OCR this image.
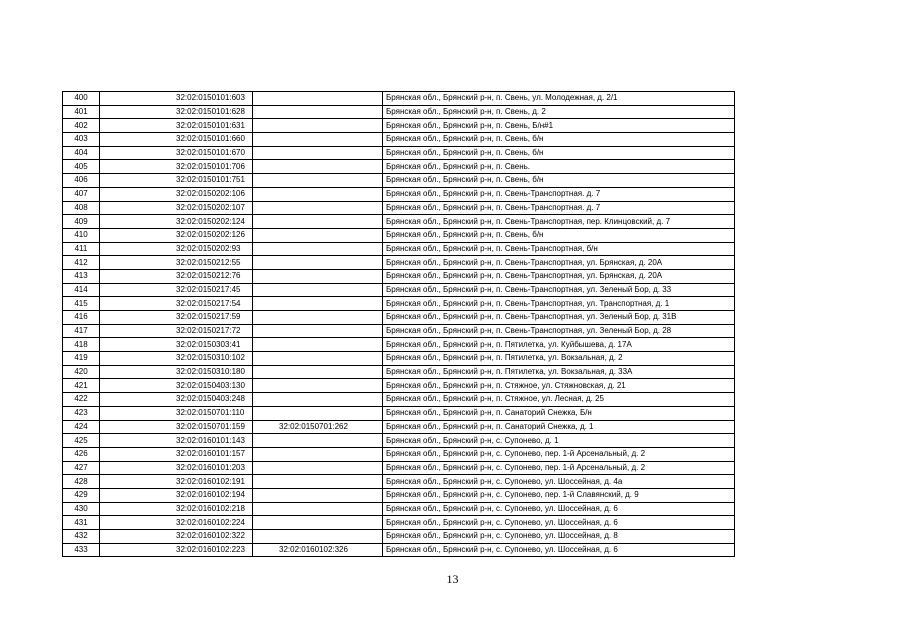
400	32:02:0150101:603		Брянская обл., Брянский р-н, п. Свень, ул. Молодежная, д. 2/1
401	32:02:0150101:628		Брянская обл., Брянский р-н, п. Свень, д. 2
402	32:02:0150101:631		Брянская обл., Брянский р-н, п. Свень, Б/н#1
403	32:02:0150101:660		Брянская обл., Брянский р-н, п. Свень, б/н
404	32:02:0150101:670		Брянская обл., Брянский р-н, п. Свень, б/н
405	32:02:0150101:706		Брянская обл., Брянский р-н, п. Свень.
406	32:02:0150101:751		Брянская обл., Брянский р-н, п. Свень, б/н
407	32:02:0150202:106		Брянская обл., Брянский р-н, п. Свень-Транспортная. д. 7
408	32:02:0150202:107		Брянская обл., Брянский р-н, п. Свень-Транспортная. д. 7
409	32:02:0150202:124		Брянская обл., Брянский р-н, п. Свень-Транспортная, пер. Клинцовский, д. 7
410	32:02:0150202:126		Брянская обл., Брянский р-н, п. Свень, б/н
411	32:02:0150202:93		Брянская обл., Брянский р-н, п. Свень-Транспортная, б/н
412	32:02:0150212:55		Брянская обл., Брянский р-н, п. Свень-Транспортная, ул. Брянская, д. 20А
413	32:02:0150212:76		Брянская обл., Брянский р-н, п. Свень-Транспортная, ул. Брянская, д. 20А
414	32:02:0150217:45		Брянская обл., Брянский р-н, п. Свень-Транспортная, ул. Зеленый Бор, д. 33
415	32:02:0150217:54		Брянская обл., Брянский р-н, п. Свень-Транспортная, ул. Транспортная, д. 1
416	32:02:0150217:59		Брянская обл., Брянский р-н, п. Свень-Транспортная, ул. Зеленый Бор, д. 31В
417	32:02:0150217:72		Брянская обл., Брянский р-н, п. Свень-Транспортная, ул. Зеленый Бор, д. 28
418	32:02:0150303:41		Брянская обл., Брянский р-н, п. Пятилетка, ул. Куйбышева, д. 17А
419	32:02:0150310:102		Брянская обл., Брянский р-н, п. Пятилетка, ул. Вокзальная, д. 2
420	32:02:0150310:180		Брянская обл., Брянский р-н, п. Пятилетка, ул. Вокзальная, д. 33А
421	32:02:0150403:130		Брянская обл., Брянский р-н, п. Стяжное, ул. Стяжновская, д. 21
422	32:02:0150403:248		Брянская обл., Брянский р-н, п. Стяжное, ул. Лесная, д. 25
423	32:02:0150701:110		Брянская обл., Брянский р-н, п. Санаторий Снежка, Б/н
424	32:02:0150701:159	32:02:0150701:262	Брянская обл., Брянский р-н, п. Санаторий Снежка, д. 1
425	32:02:0160101:143		Брянская обл., Брянский р-н, с. Супонево, д. 1
426	32:02:0160101:157		Брянская обл., Брянский р-н, с. Супонево, пер. 1-й Арсенальный, д. 2
427	32:02:0160101:203		Брянская обл., Брянский р-н, с. Супонево, пер. 1-й Арсенальный, д. 2
428	32:02:0160102:191		Брянская обл., Брянский р-н, с. Супонево, ул. Шоссейная, д. 4а
429	32:02:0160102:194		Брянская обл., Брянский р-н, с. Супонево, пер. 1-й Славянский, д. 9
430	32:02:0160102:218		Брянская обл., Брянский р-н, с. Супонево, ул. Шоссейная, д. 6
431	32:02:0160102:224		Брянская обл., Брянский р-н, с. Супонево, ул. Шоссейная, д. 6
432	32:02:0160102:322		Брянская обл., Брянский р-н, с. Супонево, ул. Шоссейная, д. 8
433	32:02:0160102:223	32:02:0160102:326	Брянская обл., Брянский р-н, с. Супонево, ул. Шоссейная, д. 6
13
